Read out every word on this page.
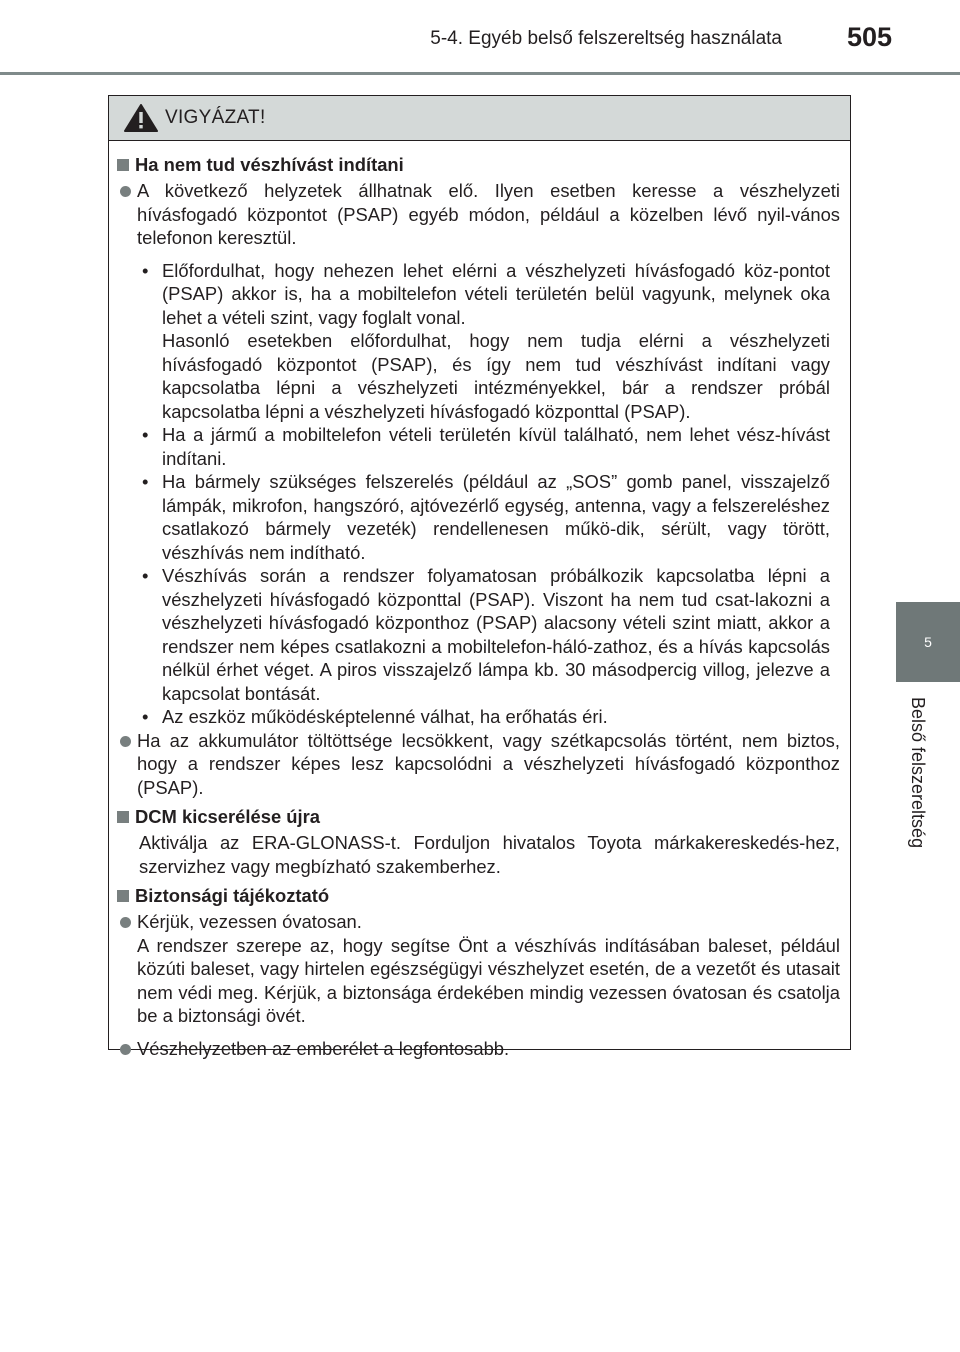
5-4. Egyéb belső felszereltség használata	505
5
Belső felszereltség
VIGYÁZAT!
Ha nem tud vészhívást indítani
A következő helyzetek állhatnak elő. Ilyen esetben keresse a vészhelyzeti hívásfogadó központot (PSAP) egyéb módon, például a közelben lévő nyil-vános telefonon keresztül.
• Előfordulhat, hogy nehezen lehet elérni a vészhelyzeti hívásfogadó köz-pontot (PSAP) akkor is, ha a mobiltelefon vételi területén belül vagyunk, melynek oka lehet a vételi szint, vagy foglalt vonal.
Hasonló esetekben előfordulhat, hogy nem tudja elérni a vészhelyzeti hívásfogadó központot (PSAP), és így nem tud vészhívást indítani vagy kapcsolatba lépni a vészhelyzeti intézményekkel, bár a rendszer próbál kapcsolatba lépni a vészhelyzeti hívásfogadó központtal (PSAP).
• Ha a jármű a mobiltelefon vételi területén kívül található, nem lehet vész-hívást indítani.
• Ha bármely szükséges felszerelés (például az „SOS” gomb panel, visszajelző lámpák, mikrofon, hangszóró, ajtóvezérlő egység, antenna, vagy a felszereléshez csatlakozó bármely vezeték) rendellenesen műkö-dik, sérült, vagy törött, vészhívás nem indítható.
• Vészhívás során a rendszer folyamatosan próbálkozik kapcsolatba lépni a vészhelyzeti hívásfogadó központtal (PSAP). Viszont ha nem tud csat-lakozni a vészhelyzeti hívásfogadó központhoz (PSAP) alacsony vételi szint miatt, akkor a rendszer nem képes csatlakozni a mobiltelefon-háló-zathoz, és a hívás kapcsolás nélkül érhet véget. A piros visszajelző lámpa kb. 30 másodpercig villog, jelezve a kapcsolat bontását.
• Az eszköz működésképtelenné válhat, ha erőhatás éri.
Ha az akkumulátor töltöttsége lecsökkent, vagy szétkapcsolás történt, nem biztos, hogy a rendszer képes lesz kapcsolódni a vészhelyzeti hívásfogadó központhoz (PSAP).
DCM kicserélése újra
Aktiválja az ERA-GLONASS-t. Forduljon hivatalos Toyota márkakereskedés-hez, szervizhez vagy megbízható szakemberhez.
Biztonsági tájékoztató
Kérjük, vezessen óvatosan.
A rendszer szerepe az, hogy segítse Önt a vészhívás indításában baleset, például közúti baleset, vagy hirtelen egészségügyi vészhelyzet esetén, de a vezetőt és utasait nem védi meg. Kérjük, a biztonsága érdekében mindig vezessen óvatosan és csatolja be a biztonsági övét.
Vészhelyzetben az emberélet a legfontosabb.
